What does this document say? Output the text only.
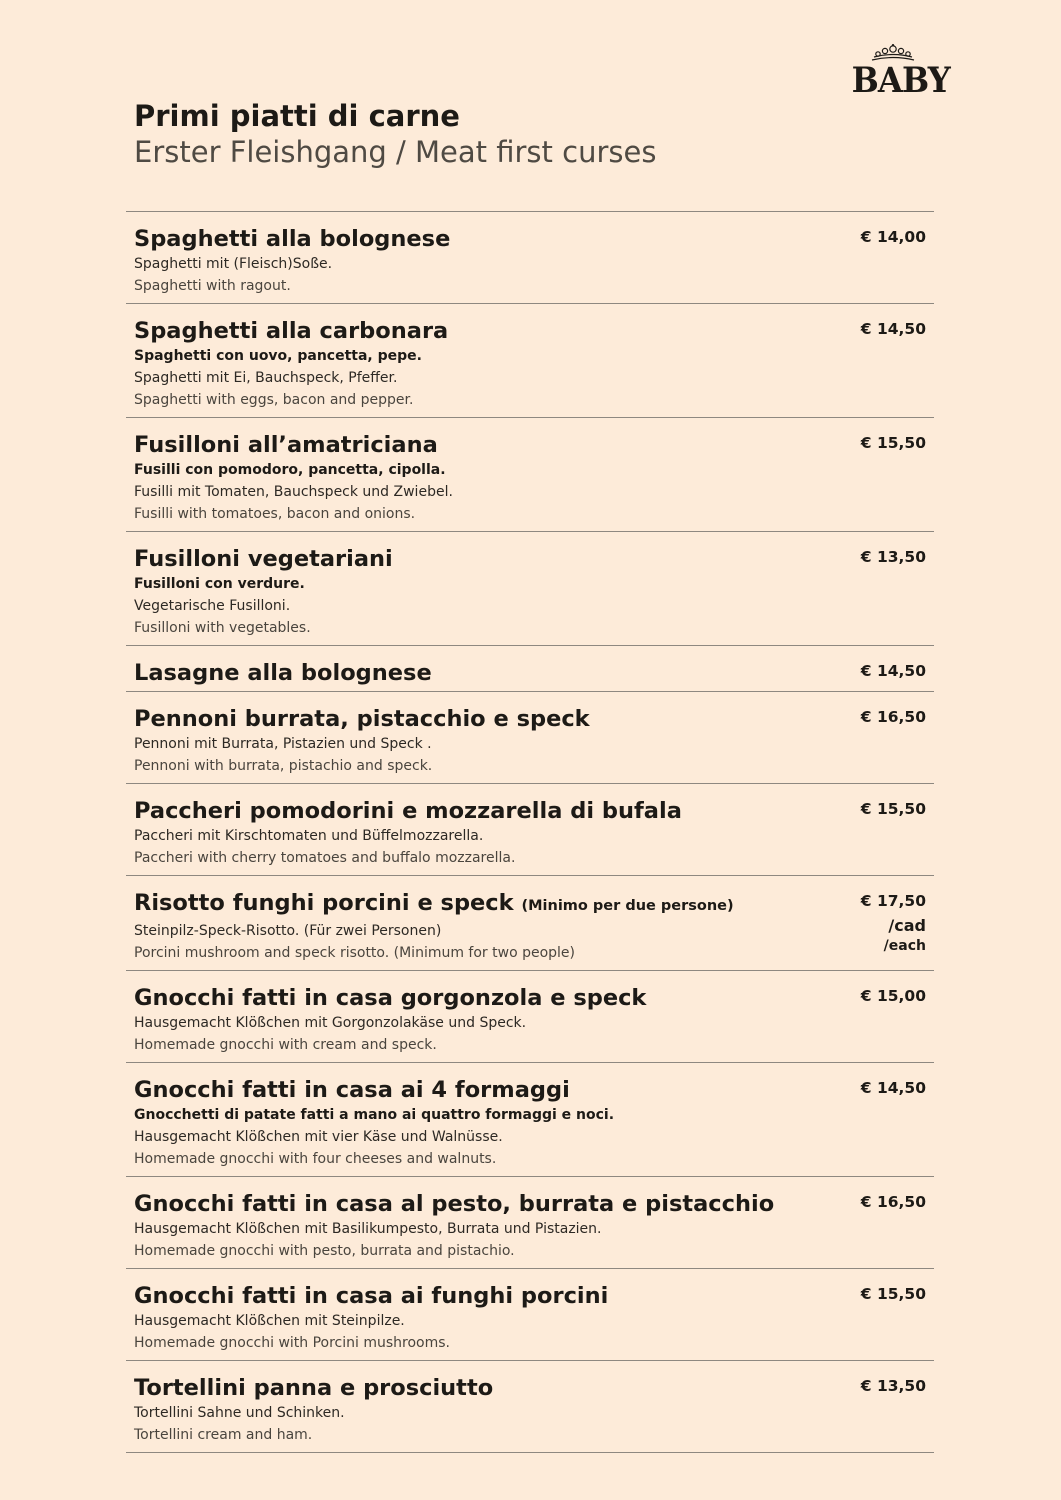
BABY
Primi piatti di carne
Erster Fleishgang / Meat first curses
Spaghetti alla bolognese
Spaghetti mit (Fleisch)Soße.
Spaghetti with ragout.
€ 14,00
Spaghetti alla carbonara
Spaghetti con uovo, pancetta, pepe.
Spaghetti mit Ei, Bauchspeck, Pfeffer.
Spaghetti with eggs, bacon and pepper.
€ 14,50
Fusilloni all’amatriciana
Fusilli con pomodoro, pancetta, cipolla.
Fusilli mit Tomaten, Bauchspeck und Zwiebel.
Fusilli with tomatoes, bacon and onions.
€ 15,50
Fusilloni vegetariani
Fusilloni con verdure.
Vegetarische Fusilloni.
Fusilloni with vegetables.
€ 13,50
Lasagne alla bolognese	€ 14,50
Pennoni burrata, pistacchio e speck
Pennoni mit Burrata, Pistazien und Speck .
Pennoni with burrata, pistachio and speck.
€ 16,50
Paccheri pomodorini e mozzarella di bufala
Paccheri mit Kirschtomaten und Büffelmozzarella.
Paccheri with cherry tomatoes and buffalo mozzarella.
€ 15,50
Risotto funghi porcini e speck (Minimo per due persone)
Steinpilz-Speck-Risotto. (Für zwei Personen)
Porcini mushroom and speck risotto. (Minimum for two people)
€ 17,50
/cad
/each
Gnocchi fatti in casa gorgonzola e speck
Hausgemacht Klößchen mit Gorgonzolakäse und Speck.
Homemade gnocchi with cream and speck.
€ 15,00
Gnocchi fatti in casa ai 4 formaggi
Gnocchetti di patate fatti a mano ai quattro formaggi e noci.
Hausgemacht Klößchen mit vier Käse und Walnüsse.
Homemade gnocchi with four cheeses and walnuts.
€ 14,50
Gnocchi fatti in casa al pesto, burrata e pistacchio
Hausgemacht Klößchen mit Basilikumpesto, Burrata und Pistazien.
Homemade gnocchi with pesto, burrata and pistachio.
€ 16,50
Gnocchi fatti in casa ai funghi porcini
Hausgemacht Klößchen mit Steinpilze.
Homemade gnocchi with Porcini mushrooms.
€ 15,50
Tortellini panna e prosciutto
Tortellini Sahne und Schinken.
Tortellini cream and ham.
€ 13,50
